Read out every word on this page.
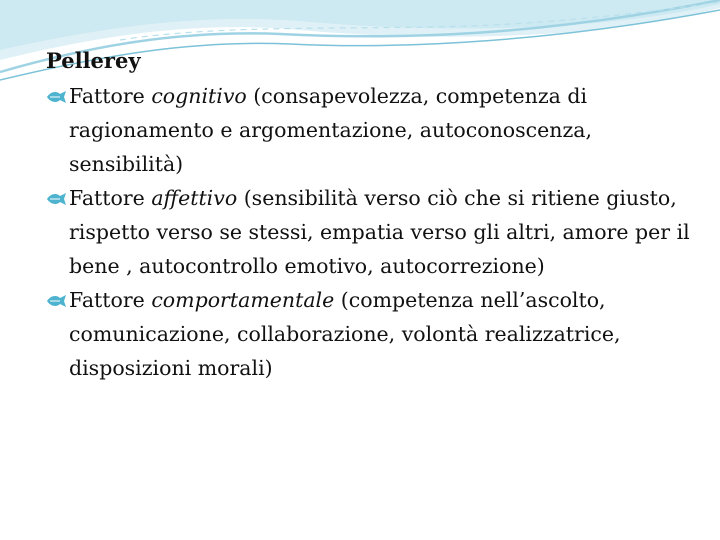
Pellerey
Fattore cognitivo (consapevolezza, competenza di ragionamento e argomentazione, autoconoscenza, sensibilità)
Fattore affettivo (sensibilità verso ciò che si ritiene giusto, rispetto verso se stessi, empatia verso gli altri, amore per il bene , autocontrollo emotivo, autocorrezione)
Fattore comportamentale (competenza nell’ascolto, comunicazione, collaborazione, volontà realizzatrice, disposizioni morali)
